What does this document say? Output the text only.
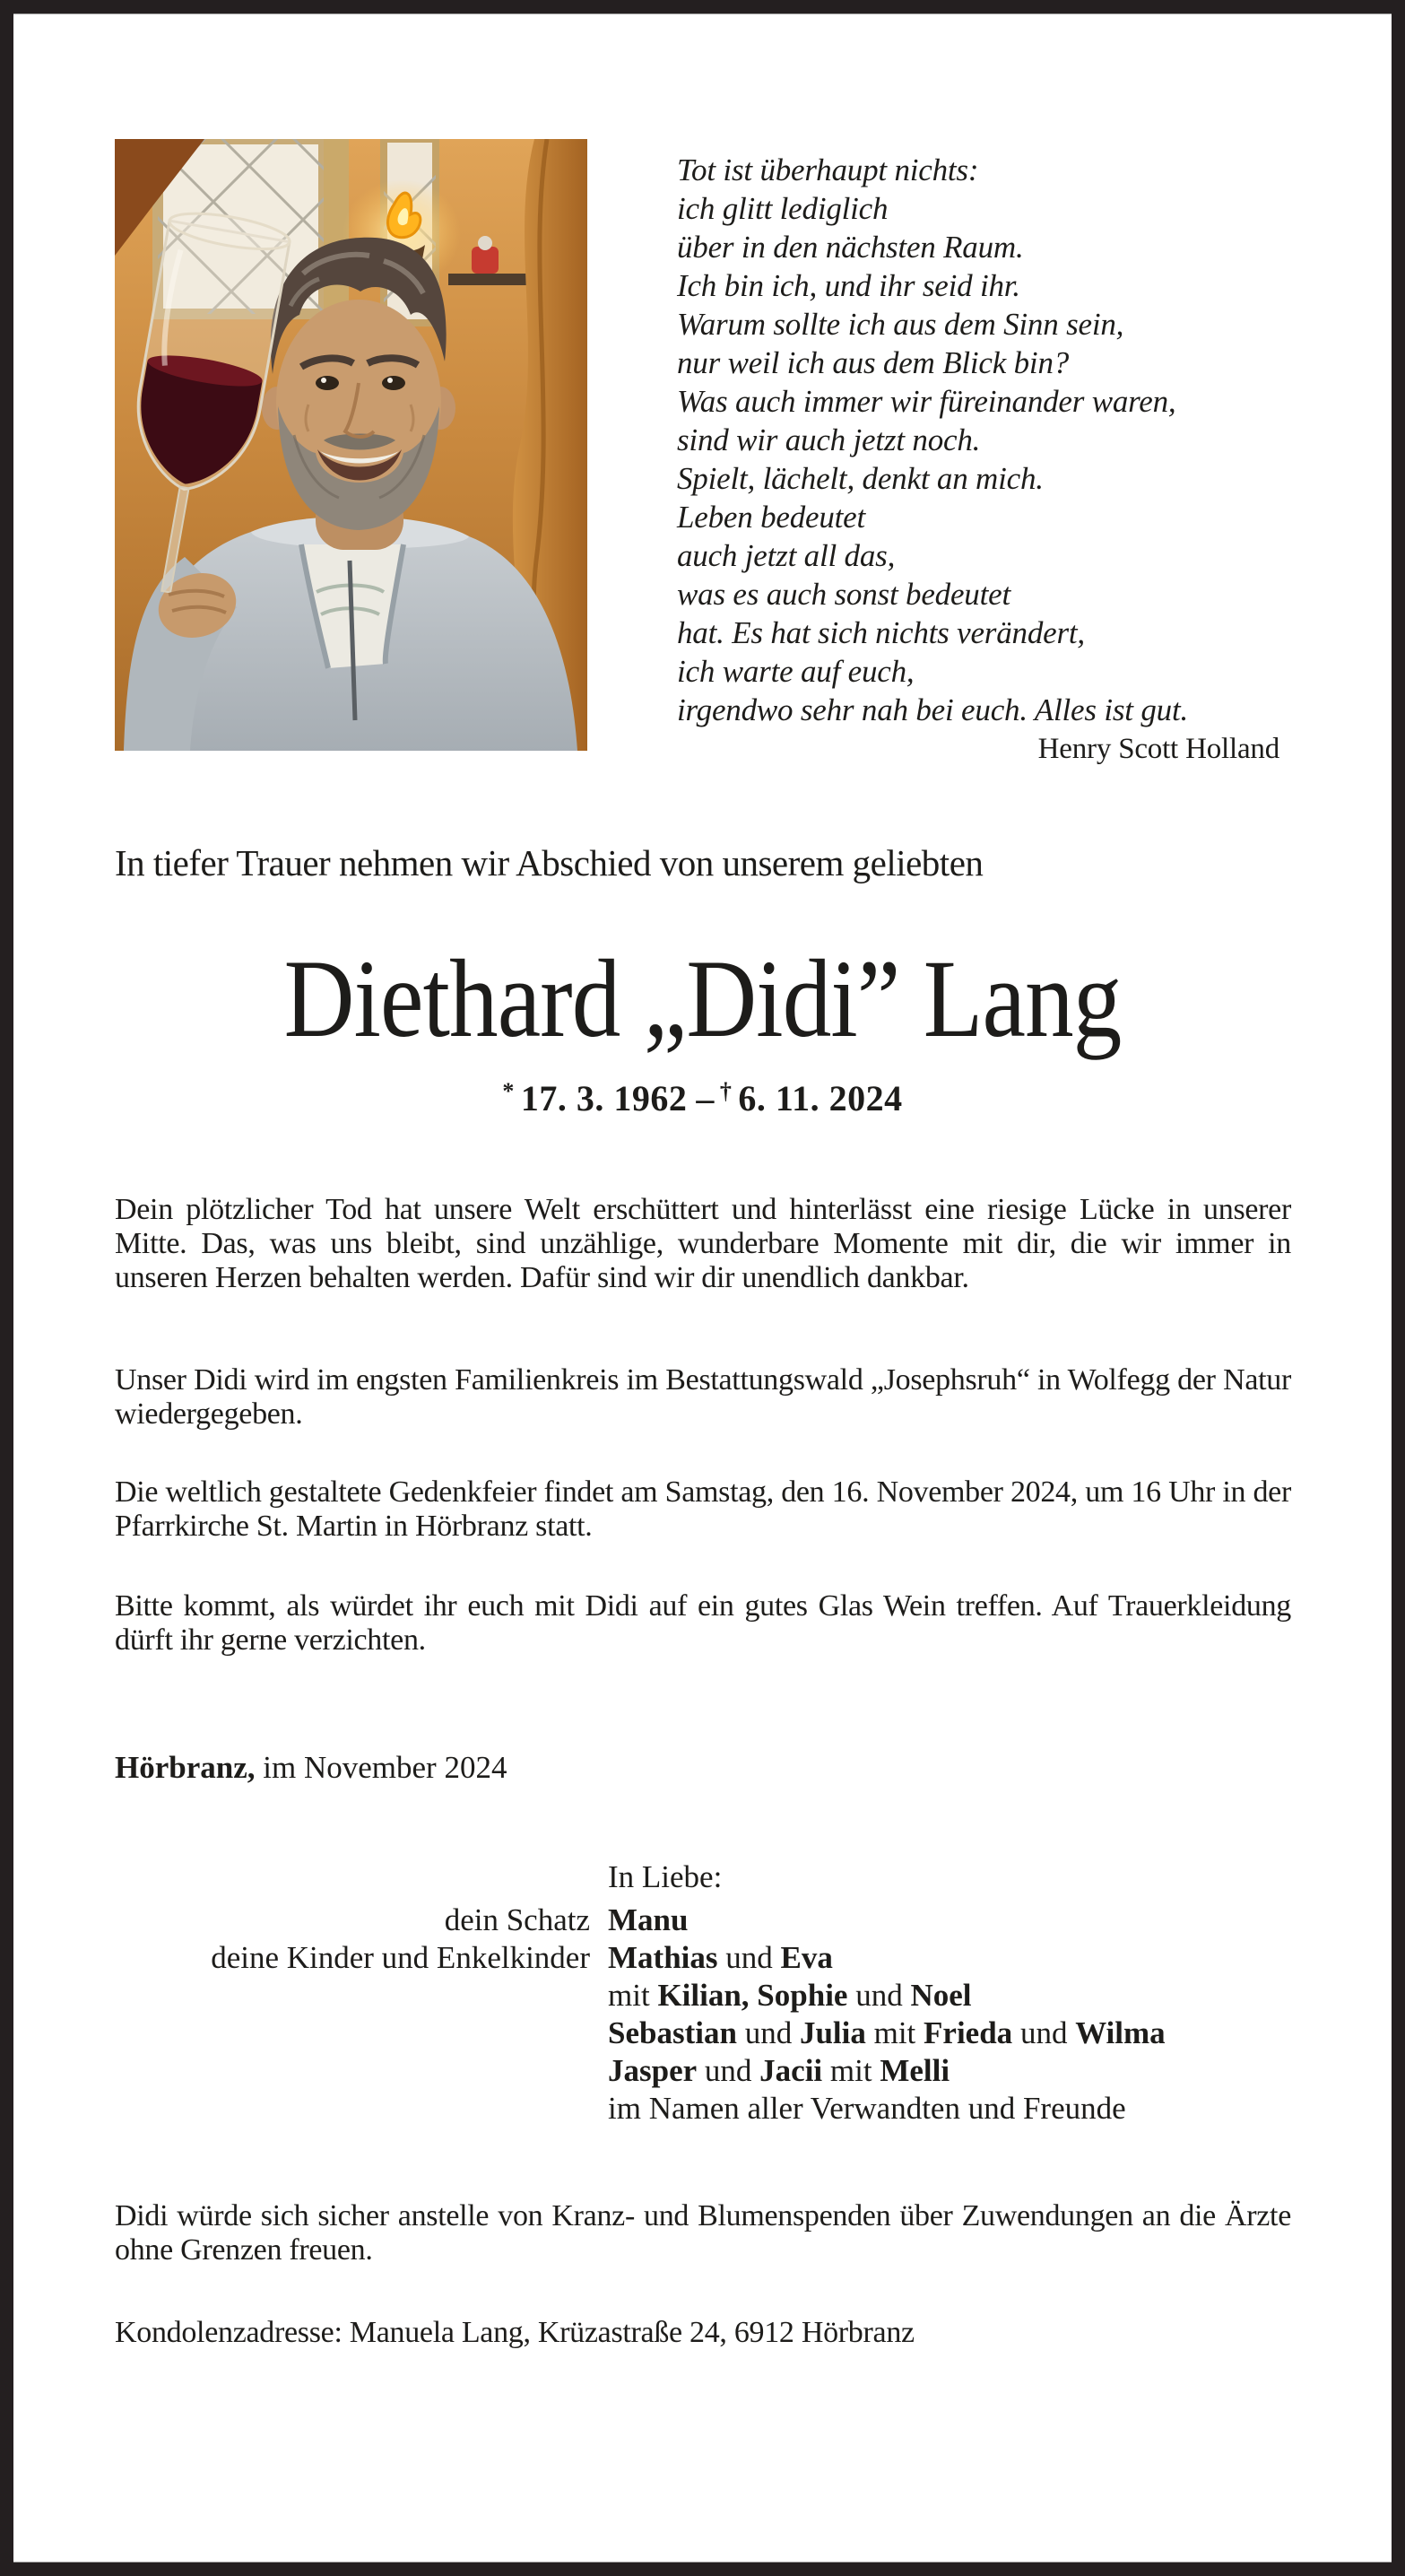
Tot ist überhaupt nichts:
ich glitt lediglich
über in den nächsten Raum.
Ich bin ich, und ihr seid ihr.
Warum sollte ich aus dem Sinn sein,
nur weil ich aus dem Blick bin?
Was auch immer wir füreinander waren,
sind wir auch jetzt noch.
Spielt, lächelt, denkt an mich.
Leben bedeutet
auch jetzt all das,
was es auch sonst bedeutet
hat. Es hat sich nichts verändert,
ich warte auf euch,
irgendwo sehr nah bei euch. Alles ist gut.
Henry Scott Holland
In tiefer Trauer nehmen wir Abschied von unserem geliebten
Diethard „Didi” Lang
* 17. 3. 1962 – † 6. 11. 2024

Dein plötzlicher Tod hat unsere Welt erschüttert und hinterlässt eine riesige Lücke in unserer Mitte. Das, was uns bleibt, sind unzählige, wunderbare Momente mit dir, die wir immer in unseren Herzen behalten werden. Dafür sind wir dir unendlich dankbar.

Unser Didi wird im engsten Familienkreis im Bestattungswald „Josephsruh“ in Wolfegg der Natur wiedergegeben.

Die weltlich gestaltete Gedenkfeier findet am Samstag, den 16. November 2024, um 16 Uhr in der Pfarrkirche St. Martin in Hörbranz statt.

Bitte kommt, als würdet ihr euch mit Didi auf ein gutes Glas Wein treffen. Auf Trauerkleidung dürft ihr gerne verzichten.

Hörbranz, im November 2024
In Liebe:
dein Schatz Manu
deine Kinder und Enkelkinder Mathias und Eva
mit Kilian, Sophie und Noel
Sebastian und Julia mit Frieda und Wilma
Jasper und Jacii mit Melli
im Namen aller Verwandten und Freunde

Didi würde sich sicher anstelle von Kranz- und Blumenspenden über Zuwendungen an die Ärzte ohne Grenzen freuen.

Kondolenzadresse: Manuela Lang, Krüzastraße 24, 6912 Hörbranz
